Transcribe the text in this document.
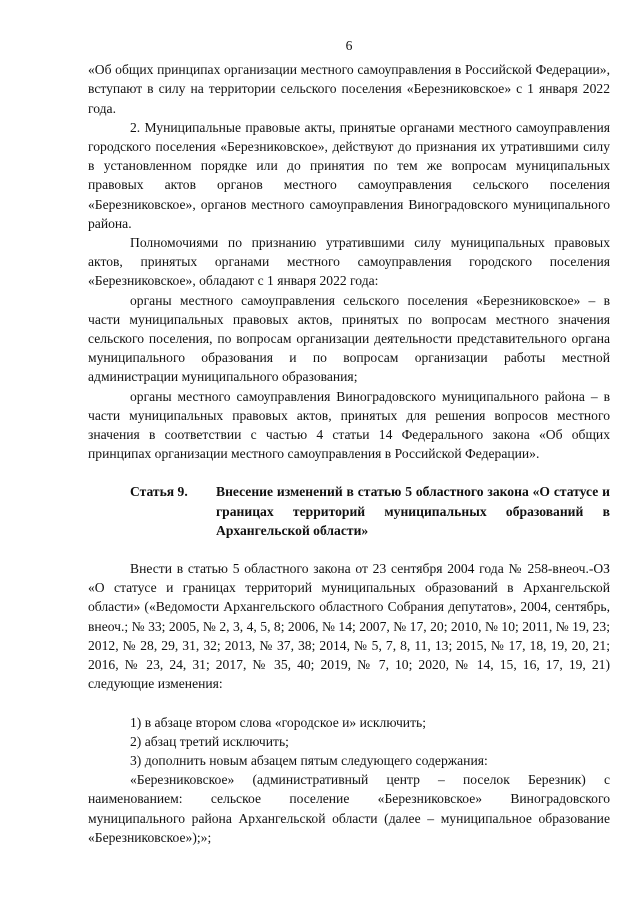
6

«Об общих принципах организации местного самоуправления в Российской Федерации», вступают в силу на территории сельского поселения «Березниковское» с 1 января 2022 года.

2. Муниципальные правовые акты, принятые органами местного самоуправления городского поселения «Березниковское», действуют до признания их утратившими силу в установленном порядке или до принятия по тем же вопросам муниципальных правовых актов органов местного самоуправления сельского поселения «Березниковское», органов местного самоуправления Виноградовского муниципального района.

Полномочиями по признанию утратившими силу муниципальных правовых актов, принятых органами местного самоуправления городского поселения «Березниковское», обладают с 1 января 2022 года:

органы местного самоуправления сельского поселения «Березниковское» – в части муниципальных правовых актов, принятых по вопросам местного значения сельского поселения, по вопросам организации деятельности представительного органа муниципального образования и по вопросам организации работы местной администрации муниципального образования;

органы местного самоуправления Виноградовского муниципального района – в части муниципальных правовых актов, принятых для решения вопросов местного значения в соответствии с частью 4 статьи 14 Федерального закона «Об общих принципах организации местного самоуправления в Российской Федерации».

Статья 9.	Внесение изменений в статью 5 областного закона «О статусе и границах территорий муниципальных образований в Архангельской области»

Внести в статью 5 областного закона от 23 сентября 2004 года № 258-внеоч.-ОЗ «О статусе и границах территорий муниципальных образований в Архангельской области» («Ведомости Архангельского областного Собрания депутатов», 2004, сентябрь, внеоч.; № 33; 2005, № 2, 3, 4, 5, 8; 2006, № 14; 2007, № 17, 20; 2010, № 10; 2011, № 19, 23; 2012, № 28, 29, 31, 32; 2013, № 37, 38; 2014, № 5, 7, 8, 11, 13; 2015, № 17, 18, 19, 20, 21; 2016, № 23, 24, 31; 2017, № 35, 40; 2019, № 7, 10; 2020, № 14, 15, 16, 17, 19, 21) следующие изменения:

1) в абзаце втором слова «городское и» исключить;

2) абзац третий исключить;

3) дополнить новым абзацем пятым следующего содержания:

«Березниковское» (административный центр – поселок Березник) с наименованием: сельское поселение «Березниковское» Виноградовского муниципального района Архангельской области (далее – муниципальное образование «Березниковское»);»;
